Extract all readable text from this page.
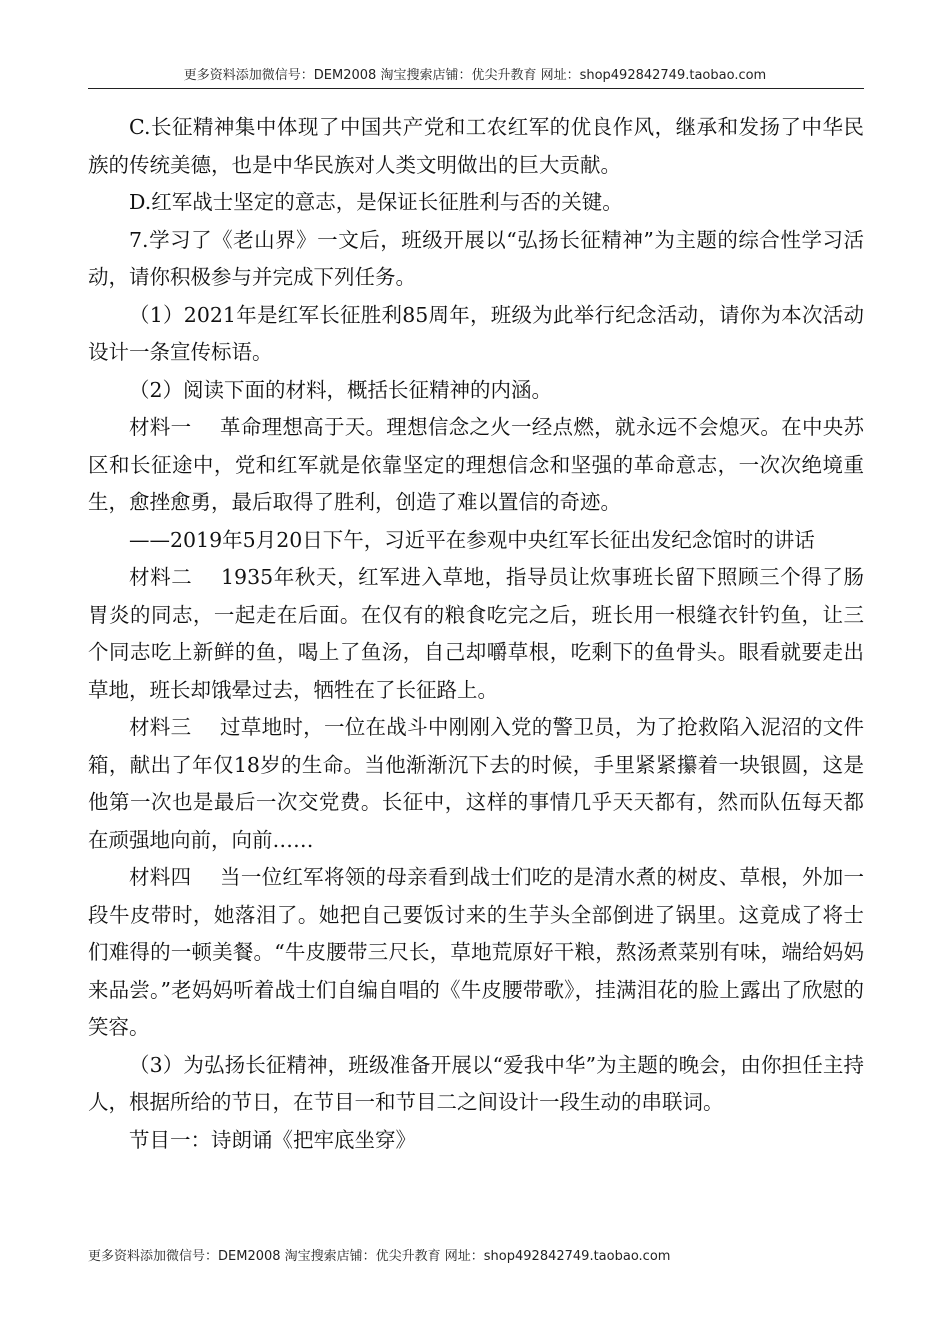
更多资料添加微信号：DEM2008 淘宝搜索店铺：优尖升教育 网址：shop492842749.taobao.com

C.长征精神集中体现了中国共产党和工农红军的优良作风，继承和发扬了中华民族的传统美德，也是中华民族对人类文明做出的巨大贡献。

D.红军战士坚定的意志，是保证长征胜利与否的关键。

7.学习了《老山界》一文后，班级开展以“弘扬长征精神”为主题的综合性学习活动，请你积极参与并完成下列任务。

（1）2021年是红军长征胜利85周年，班级为此举行纪念活动，请你为本次活动设计一条宣传标语。

（2）阅读下面的材料，概括长征精神的内涵。

材料一 革命理想高于天。理想信念之火一经点燃，就永远不会熄灭。在中央苏区和长征途中，党和红军就是依靠坚定的理想信念和坚强的革命意志，一次次绝境重生，愈挫愈勇，最后取得了胜利，创造了难以置信的奇迹。

——2019年5月20日下午，习近平在参观中央红军长征出发纪念馆时的讲话

材料二 1935年秋天，红军进入草地，指导员让炊事班长留下照顾三个得了肠胃炎的同志，一起走在后面。在仅有的粮食吃完之后，班长用一根缝衣针钓鱼，让三个同志吃上新鲜的鱼，喝上了鱼汤，自己却嚼草根，吃剩下的鱼骨头。眼看就要走出草地，班长却饿晕过去，牺牲在了长征路上。

材料三 过草地时，一位在战斗中刚刚入党的警卫员，为了抢救陷入泥沼的文件箱，献出了年仅18岁的生命。当他渐渐沉下去的时候，手里紧紧攥着一块银圆，这是他第一次也是最后一次交党费。长征中，这样的事情几乎天天都有，然而队伍每天都在顽强地向前，向前……

材料四 当一位红军将领的母亲看到战士们吃的是清水煮的树皮、草根，外加一段牛皮带时，她落泪了。她把自己要饭讨来的生芋头全部倒进了锅里。这竟成了将士们难得的一顿美餐。“牛皮腰带三尺长，草地荒原好干粮，熬汤煮菜别有味，端给妈妈来品尝。”老妈妈听着战士们自编自唱的《牛皮腰带歌》，挂满泪花的脸上露出了欣慰的笑容。

（3）为弘扬长征精神，班级准备开展以“爱我中华”为主题的晚会，由你担任主持人，根据所给的节日，在节目一和节目二之间设计一段生动的串联词。

节目一：诗朗诵《把牢底坐穿》

更多资料添加微信号：DEM2008 淘宝搜索店铺：优尖升教育 网址：shop492842749.taobao.com
